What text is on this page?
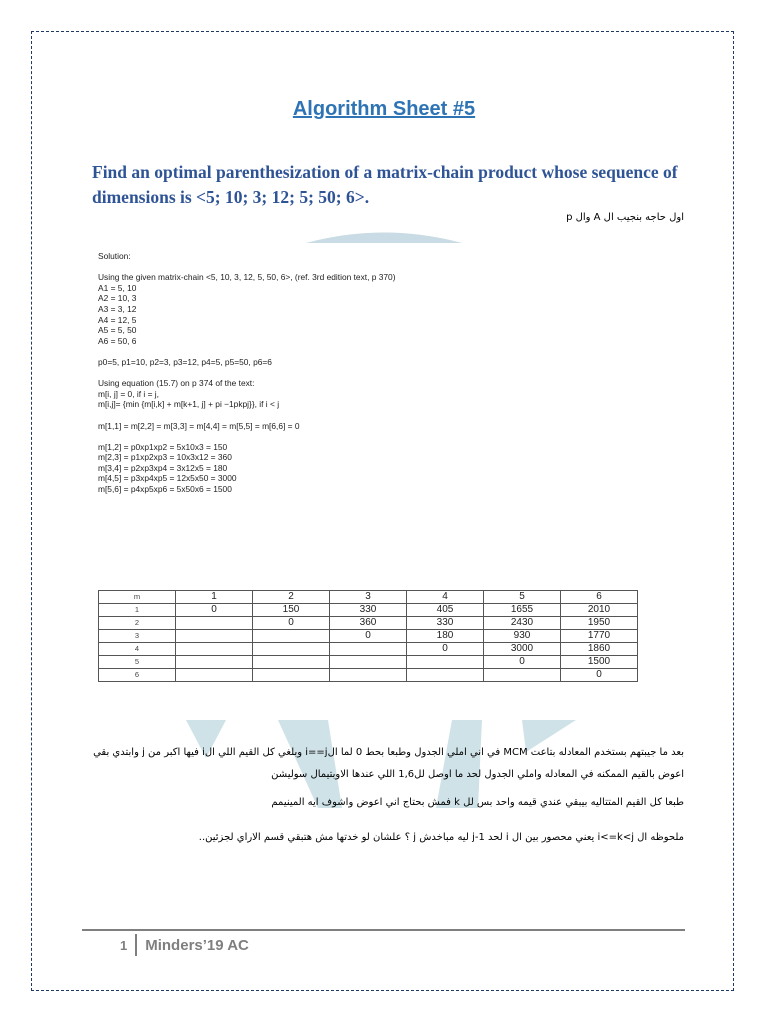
Algorithm Sheet #5
Find an optimal parenthesization of a matrix-chain product whose sequence of dimensions is <5; 10; 3; 12; 5; 50; 6>.
اول حاجه بنجيب ال A وال p
Solution:
Using the given matrix-chain <5, 10, 3, 12, 5, 50, 6>, (ref. 3rd edition text, p 370)
A1 = 5, 10
A2 = 10, 3
A3 = 3, 12
A4 = 12, 5
A5 = 5, 50
A6 = 50, 6
p0=5, p1=10, p2=3, p3=12, p4=5, p5=50, p6=6
Using equation (15.7) on p 374 of the text:
m[i, j] = 0, if i = j,
m[i,j]= {min {m[i,k] + m[k+1, j] + pi −1pkpj}}, if i < j
m[1,1] = m[2,2] = m[3,3] = m[4,4] = m[5,5] = m[6,6] = 0
m[1,2] = p0xp1xp2 = 5x10x3 = 150
m[2,3] = p1xp2xp3 = 10x3x12 = 360
m[3,4] = p2xp3xp4 = 3x12x5 = 180
m[4,5] = p3xp4xp5 = 12x5x50 = 3000
m[5,6] = p4xp5xp6 = 5x50x6 = 1500
m	1	2	3	4	5	6
1	0	150	330	405	1655	2010
2		0	360	330	2430	1950
3			0	180	930	1770
4				0	3000	1860
5					0	1500
6						0
بعد ما جيبتهم بستخدم المعادله بتاعت MCM في اني املي الجدول وطبعا بحط 0 لما الi==j وبلغي كل القيم اللي الi فيها اكبر من j وابتدي بقي اعوض بالقيم الممكنه في المعادله واملي الجدول لحد ما اوصل لل1,6 اللي عندها الاوبتيمال سوليشن
طبعا كل القيم المتتاليه بيبقي عندي قيمه واحد بس لل k فمش بحتاج اني اعوض واشوف ايه المينيمم
ملحوظه ال i<=k<j يعني محصور بين ال i لحد j-1 ليه مباخدش j ؟ علشان لو خدتها مش هتبقي قسم الاراي لجزئين..
1 Minders’19 AC
